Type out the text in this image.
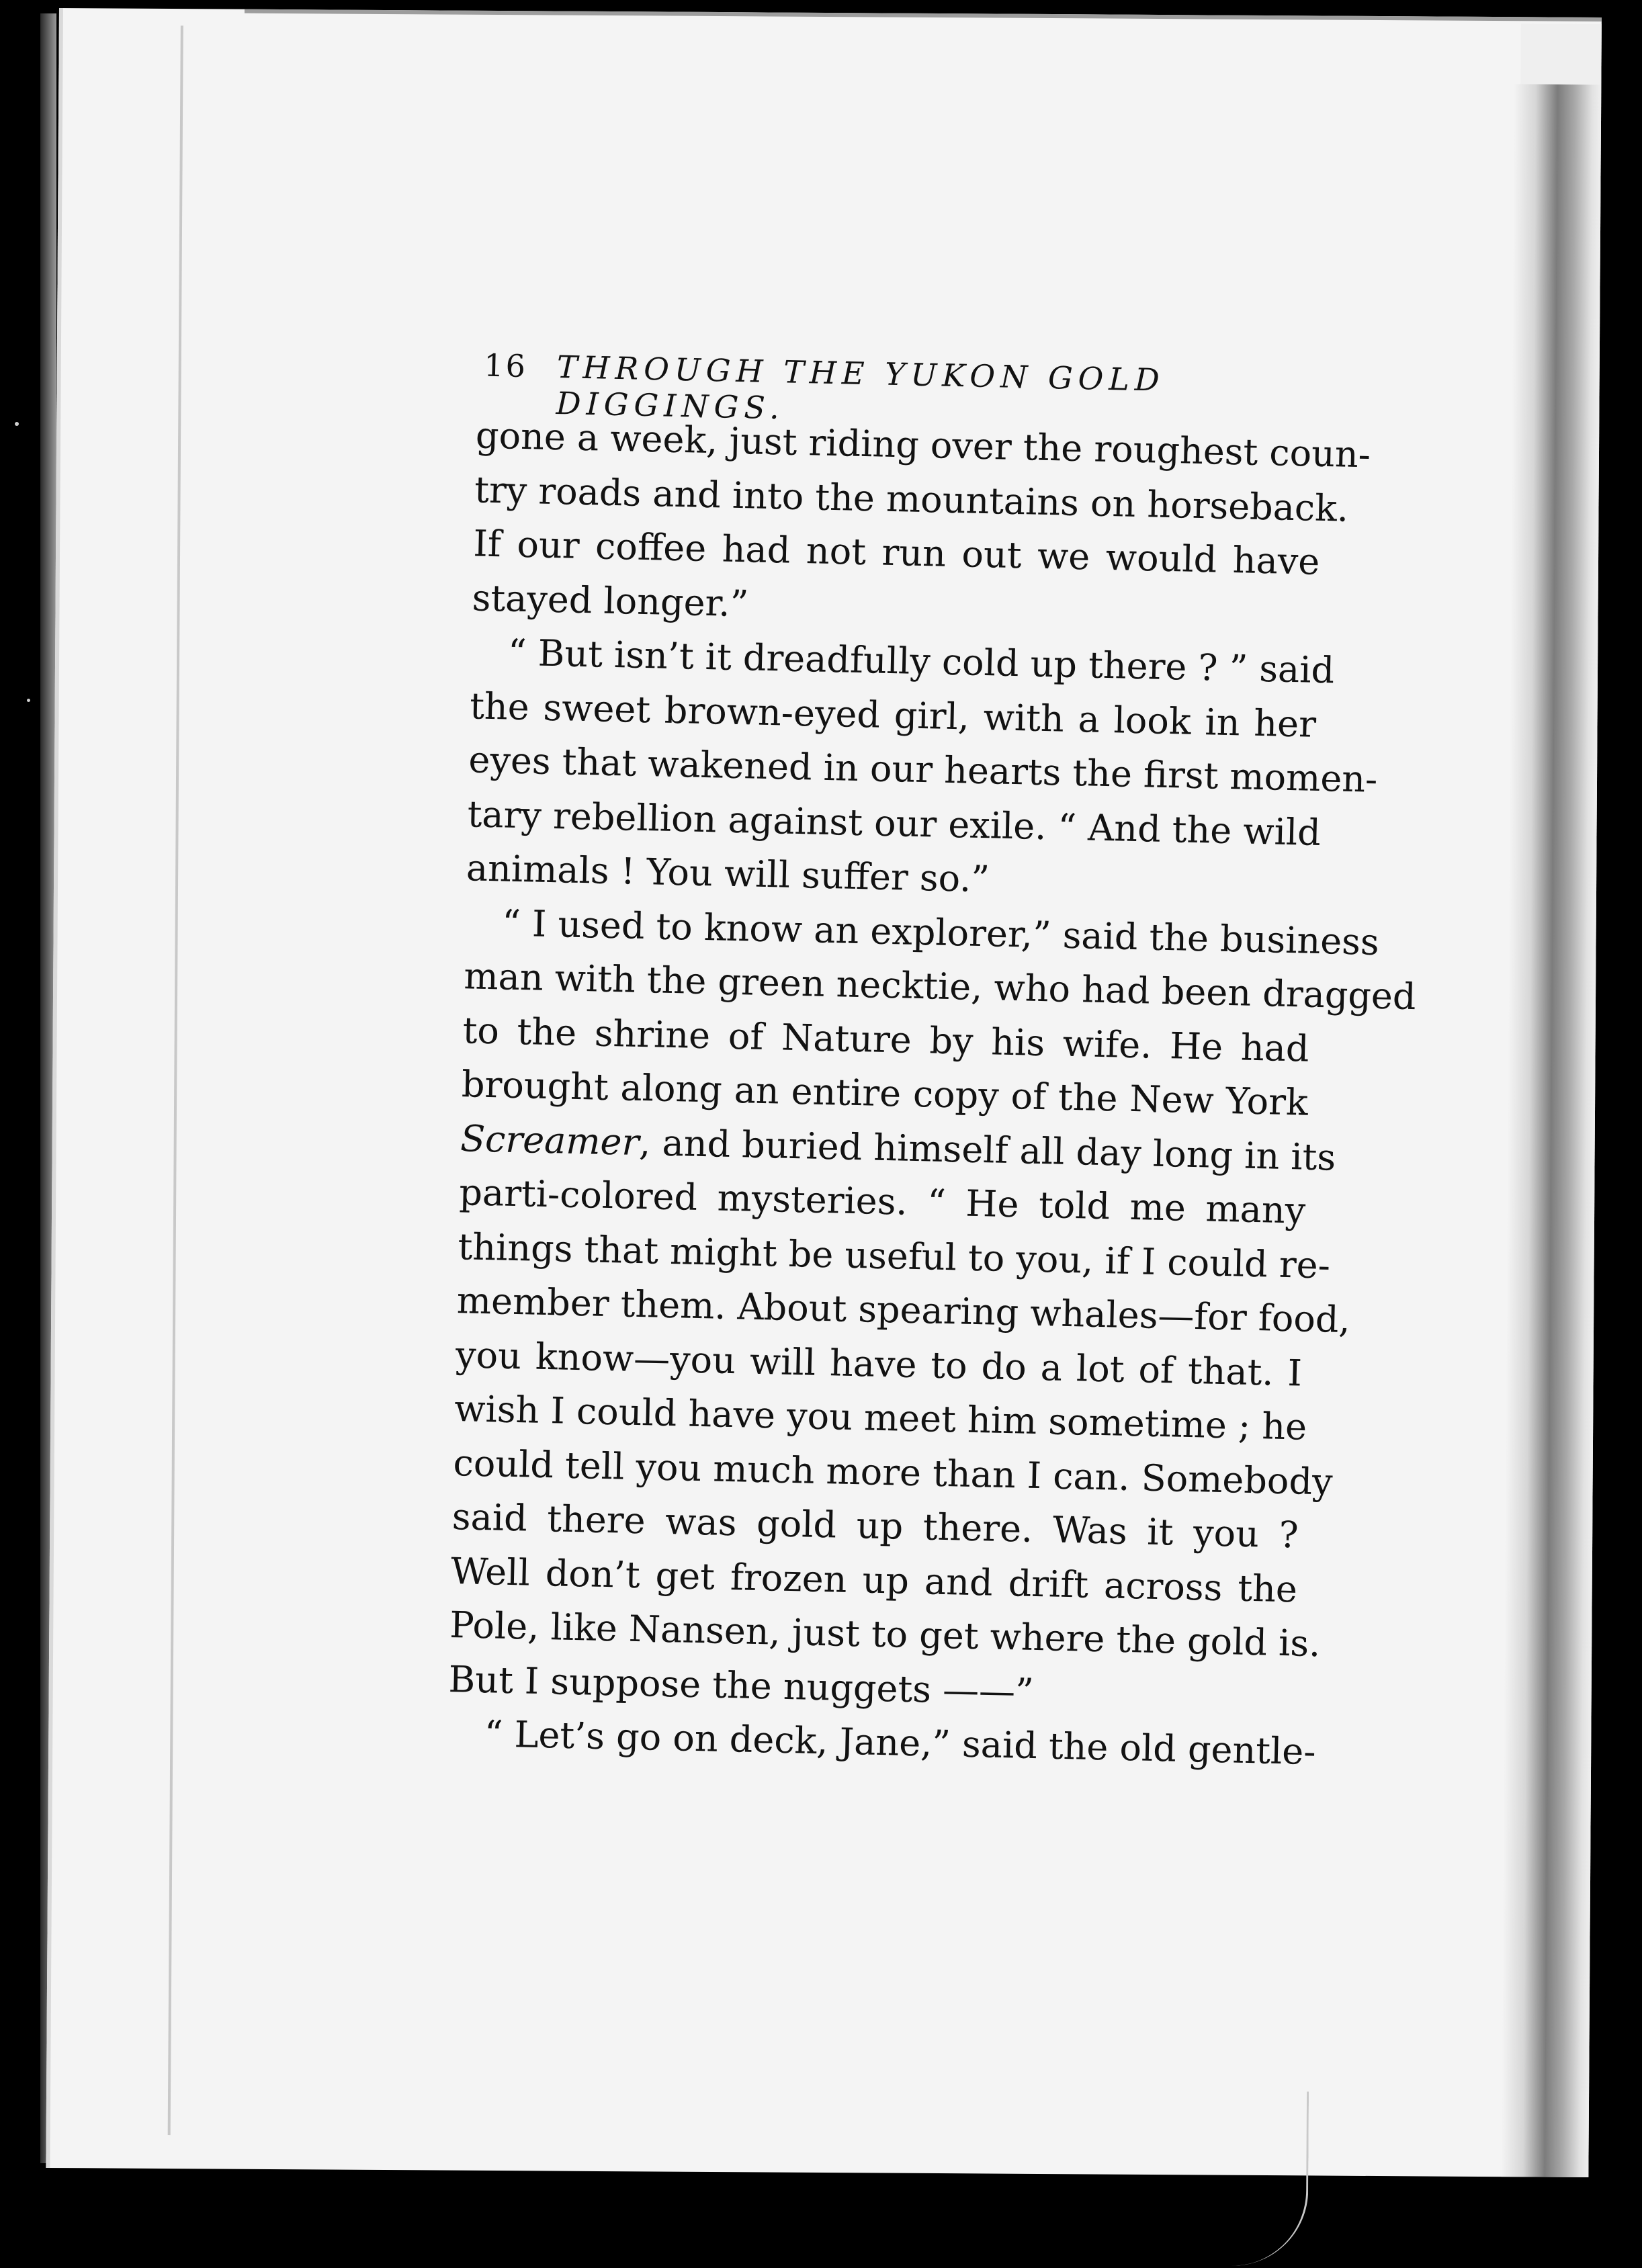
16 THROUGH THE YUKON GOLD DIGGINGS.
gone a week, just riding over the roughest coun-
try roads and into the mountains on horseback.
If our coffee had not run out we would have
stayed longer.”
“ But isn’t it dreadfully cold up there ? ” said
the sweet brown-eyed girl, with a look in her
eyes that wakened in our hearts the first momen-
tary rebellion against our exile. “ And the wild
animals ! You will suffer so.”
“ I used to know an explorer,” said the business
man with the green necktie, who had been dragged
to the shrine of Nature by his wife. He had
brought along an entire copy of the New York
Screamer, and buried himself all day long in its
parti-colored mysteries. “ He told me many
things that might be useful to you, if I could re-
member them. About spearing whales—for food,
you know—you will have to do a lot of that. I
wish I could have you meet him sometime ; he
could tell you much more than I can. Somebody
said there was gold up there. Was it you ?
Well don’t get frozen up and drift across the
Pole, like Nansen, just to get where the gold is.
But I suppose the nuggets ——”
“ Let’s go on deck, Jane,” said the old gentle-
